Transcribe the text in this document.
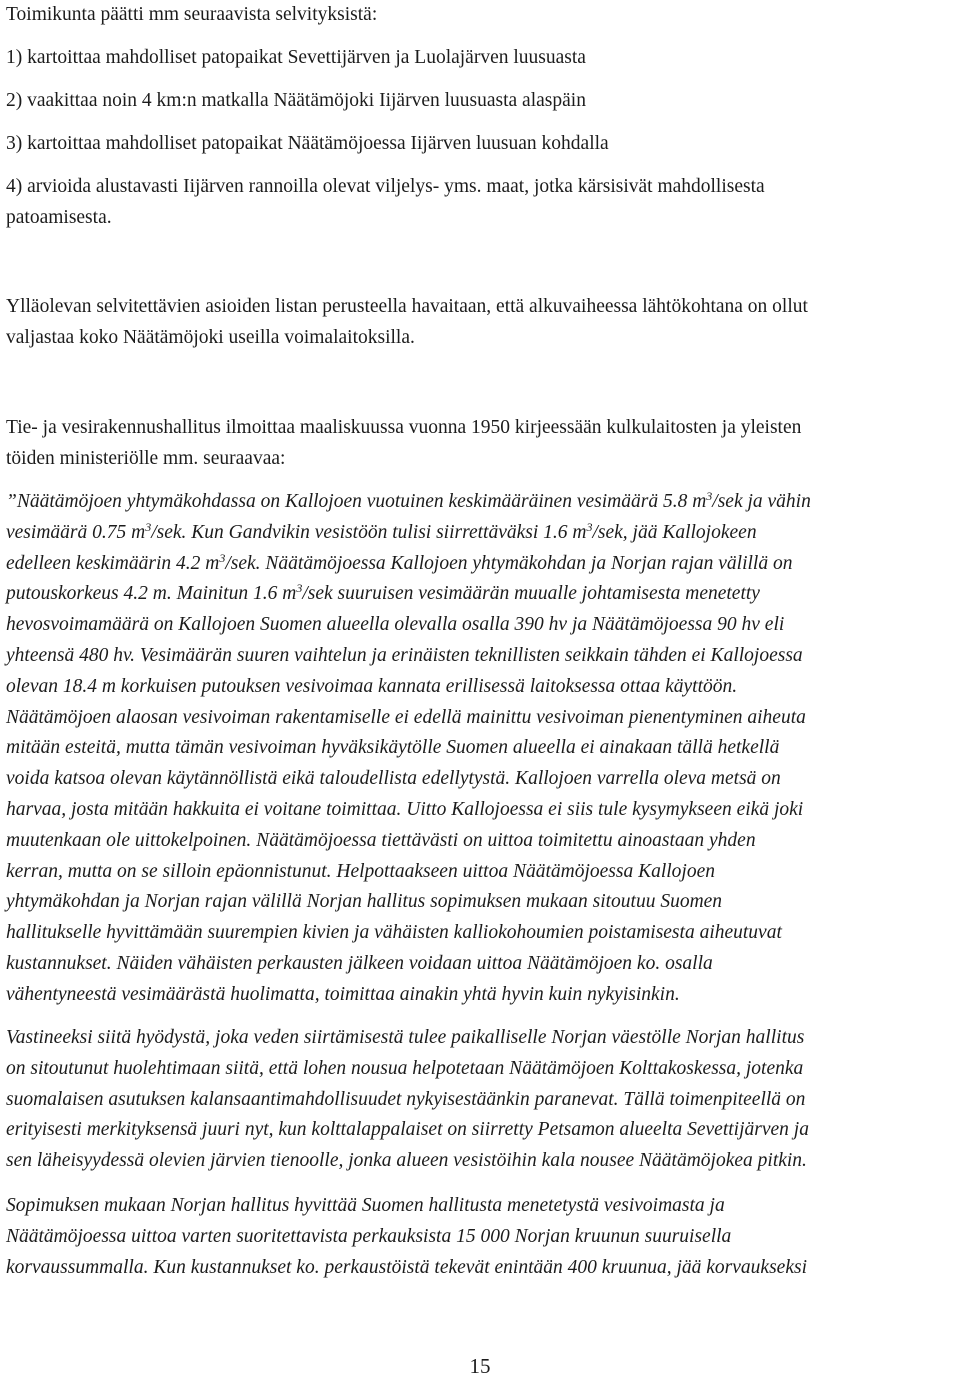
Toimikunta päätti mm seuraavista selvityksistä:

1) kartoittaa mahdolliset patopaikat Sevettijärven ja Luolajärven luusuasta

2) vaakittaa noin 4 km:n matkalla Näätämöjoki Iijärven luusuasta alaspäin

3) kartoittaa mahdolliset patopaikat Näätämöjoessa Iijärven luusuan kohdalla

4) arvioida alustavasti Iijärven rannoilla olevat viljelys- yms. maat, jotka kärsisivät mahdollisesta

patoamisesta.

Ylläolevan selvitettävien asioiden listan perusteella havaitaan, että alkuvaiheessa lähtökohtana on ollut

valjastaa koko Näätämöjoki useilla voimalaitoksilla.

Tie- ja vesirakennushallitus ilmoittaa maaliskuussa vuonna 1950 kirjeessään kulkulaitosten ja yleisten

töiden ministeriölle mm. seuraavaa:

”Näätämöjoen yhtymäkohdassa on Kallojoen vuotuinen keskimääräinen vesimäärä 5.8 $m^3$/sek ja vähin
vesimäärä 0.75 $m^3$/sek. Kun Gandvikin vesistöön tulisi siirrettäväksi 1.6 $m^3$/sek, jää Kallojokeen
edelleen keskimäärin 4.2 $m^3$/sek. Näätämöjoessa Kallojoen yhtymäkohdan ja Norjan rajan välillä on
putouskorkeus 4.2 m. Mainitun 1.6 $m^3$/sek suuruisen vesimäärän muualle johtamisesta menetetty
hevosvoimamäärä on Kallojoen Suomen alueella olevalla osalla 390 hv ja Näätämöjoessa 90 hv eli
yhteensä 480 hv. Vesimäärän suuren vaihtelun ja erinäisten teknillisten seikkain tähden ei Kallojoessa
olevan 18.4 m korkuisen putouksen vesivoimaa kannata erillisessä laitoksessa ottaa käyttöön.
Näätämöjoen alaosan vesivoiman rakentamiselle ei edellä mainittu vesivoiman pienentyminen aiheuta
mitään esteitä, mutta tämän vesivoiman hyväksikäytölle Suomen alueella ei ainakaan tällä hetkellä
voida katsoa olevan käytännöllistä eikä taloudellista edellytystä. Kallojoen varrella oleva metsä on
harvaa, josta mitään hakkuita ei voitane toimittaa. Uitto Kallojoessa ei siis tule kysymykseen eikä joki
muutenkaan ole uittokelpoinen. Näätämöjoessa tiettävästi on uittoa toimitettu ainoastaan yhden
kerran, mutta on se silloin epäonnistunut. Helpottaakseen uittoa Näätämöjoessa Kallojoen
yhtymäkohdan ja Norjan rajan välillä Norjan hallitus sopimuksen mukaan sitoutuu Suomen
hallitukselle hyvittämään suurempien kivien ja vähäisten kalliokohoumien poistamisesta aiheutuvat
kustannukset. Näiden vähäisten perkausten jälkeen voidaan uittoa Näätämöjoen ko. osalla
vähentyneestä vesimäärästä huolimatta, toimittaa ainakin yhtä hyvin kuin nykyisinkin.

Vastineeksi siitä hyödystä, joka veden siirtämisestä tulee paikalliselle Norjan väestölle Norjan hallitus
on sitoutunut huolehtimaan siitä, että lohen nousua helpotetaan Näätämöjoen Kolttakoskessa, jotenka
suomalaisen asutuksen kalansaantimahdollisuudet nykyisestäänkin paranevat. Tällä toimenpiteellä on
erityisesti merkityksensä juuri nyt, kun kolttalappalaiset on siirretty Petsamon alueelta Sevettijärven ja
sen läheisyydessä olevien järvien tienoolle, jonka alueen vesistöihin kala nousee Näätämöjokea pitkin.

Sopimuksen mukaan Norjan hallitus hyvittää Suomen hallitusta menetetystä vesivoimasta ja
Näätämöjoessa uittoa varten suoritettavista perkauksista 15 000 Norjan kruunun suuruisella
korvaussummalla. Kun kustannukset ko. perkaustöistä tekevät enintään 400 kruunua, jää korvaukseksi

15
